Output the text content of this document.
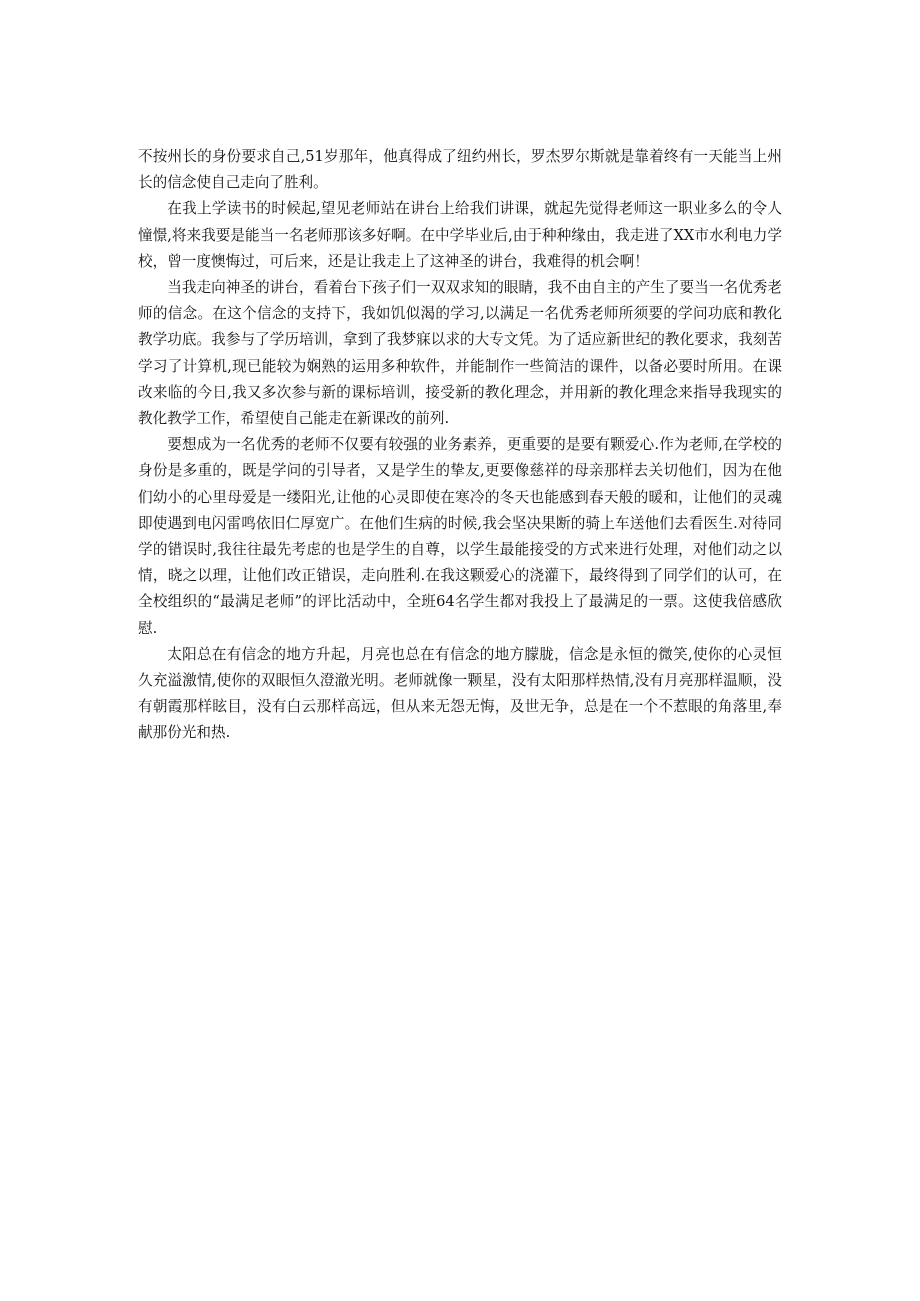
不按州长的身份要求自己,51岁那年，他真得成了纽约州长，罗杰罗尔斯就是靠着终有一天能当上州长的信念使自己走向了胜利。

在我上学读书的时候起,望见老师站在讲台上给我们讲课，就起先觉得老师这一职业多么的令人憧憬,将来我要是能当一名老师那该多好啊。在中学毕业后,由于种种缘由，我走进了XX市水利电力学校，曾一度懊悔过，可后来，还是让我走上了这神圣的讲台，我难得的机会啊！

当我走向神圣的讲台，看着台下孩子们一双双求知的眼睛，我不由自主的产生了要当一名优秀老师的信念。在这个信念的支持下，我如饥似渴的学习,以满足一名优秀老师所须要的学问功底和教化教学功底。我参与了学历培训，拿到了我梦寐以求的大专文凭。为了适应新世纪的教化要求，我刻苦学习了计算机,现已能较为娴熟的运用多种软件，并能制作一些简洁的课件，以备必要时所用。在课改来临的今日,我又多次参与新的课标培训，接受新的教化理念，并用新的教化理念来指导我现实的教化教学工作，希望使自己能走在新课改的前列.

要想成为一名优秀的老师不仅要有较强的业务素养，更重要的是要有颗爱心.作为老师,在学校的身份是多重的，既是学问的引导者，又是学生的挚友,更要像慈祥的母亲那样去关切他们，因为在他们幼小的心里母爱是一缕阳光,让他的心灵即使在寒冷的冬天也能感到春天般的暖和，让他们的灵魂即使遇到电闪雷鸣依旧仁厚宽广。在他们生病的时候,我会坚决果断的骑上车送他们去看医生.对待同学的错误时,我往往最先考虑的也是学生的自尊，以学生最能接受的方式来进行处理，对他们动之以情，晓之以理，让他们改正错误，走向胜利.在我这颗爱心的浇灌下，最终得到了同学们的认可，在全校组织的“最满足老师”的评比活动中，全班64名学生都对我投上了最满足的一票。这使我倍感欣慰.

太阳总在有信念的地方升起，月亮也总在有信念的地方朦胧，信念是永恒的微笑,使你的心灵恒久充溢激情,使你的双眼恒久澄澈光明。老师就像一颗星，没有太阳那样热情,没有月亮那样温顺，没有朝霞那样眩目，没有白云那样高远，但从来无怨无悔，及世无争，总是在一个不惹眼的角落里,奉献那份光和热.
